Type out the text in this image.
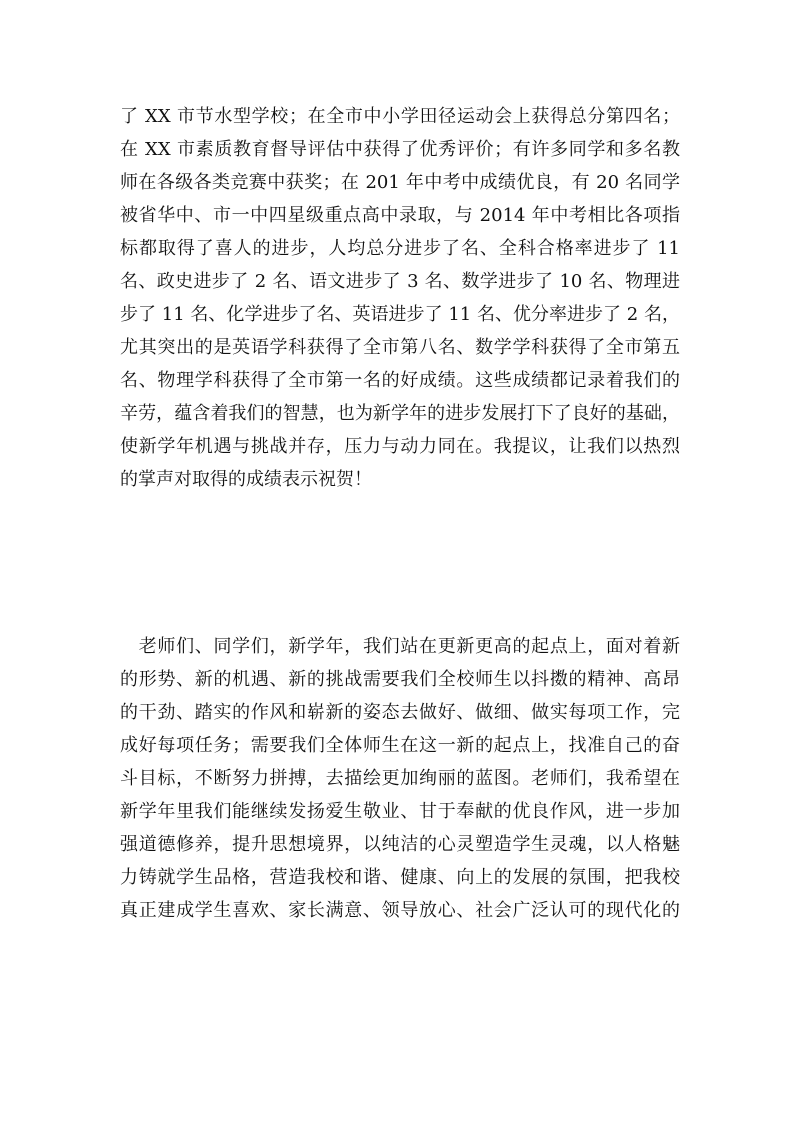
了 XX 市节水型学校；在全市中小学田径运动会上获得总分第四名；
在 XX 市素质教育督导评估中获得了优秀评价；有许多同学和多名教
师在各级各类竞赛中获奖；在 201 年中考中成绩优良，有 20 名同学
被省华中、市一中四星级重点高中录取，与 2014 年中考相比各项指
标都取得了喜人的进步，人均总分进步了名、全科合格率进步了 11
名、政史进步了 2 名、语文进步了 3 名、数学进步了 10 名、物理进
步了 11 名、化学进步了名、英语进步了 11 名、优分率进步了 2 名，
尤其突出的是英语学科获得了全市第八名、数学学科获得了全市第五
名、物理学科获得了全市第一名的好成绩。这些成绩都记录着我们的
辛劳，蕴含着我们的智慧，也为新学年的进步发展打下了良好的基础，
使新学年机遇与挑战并存，压力与动力同在。我提议，让我们以热烈
的掌声对取得的成绩表示祝贺！
　老师们、同学们，新学年，我们站在更新更高的起点上，面对着新
的形势、新的机遇、新的挑战需要我们全校师生以抖擞的精神、高昂
的干劲、踏实的作风和崭新的姿态去做好、做细、做实每项工作，完
成好每项任务；需要我们全体师生在这一新的起点上，找准自己的奋
斗目标，不断努力拼搏，去描绘更加绚丽的蓝图。老师们，我希望在
新学年里我们能继续发扬爱生敬业、甘于奉献的优良作风，进一步加
强道德修养，提升思想境界，以纯洁的心灵塑造学生灵魂，以人格魅
力铸就学生品格，营造我校和谐、健康、向上的发展的氛围，把我校
真正建成学生喜欢、家长满意、领导放心、社会广泛认可的现代化的
